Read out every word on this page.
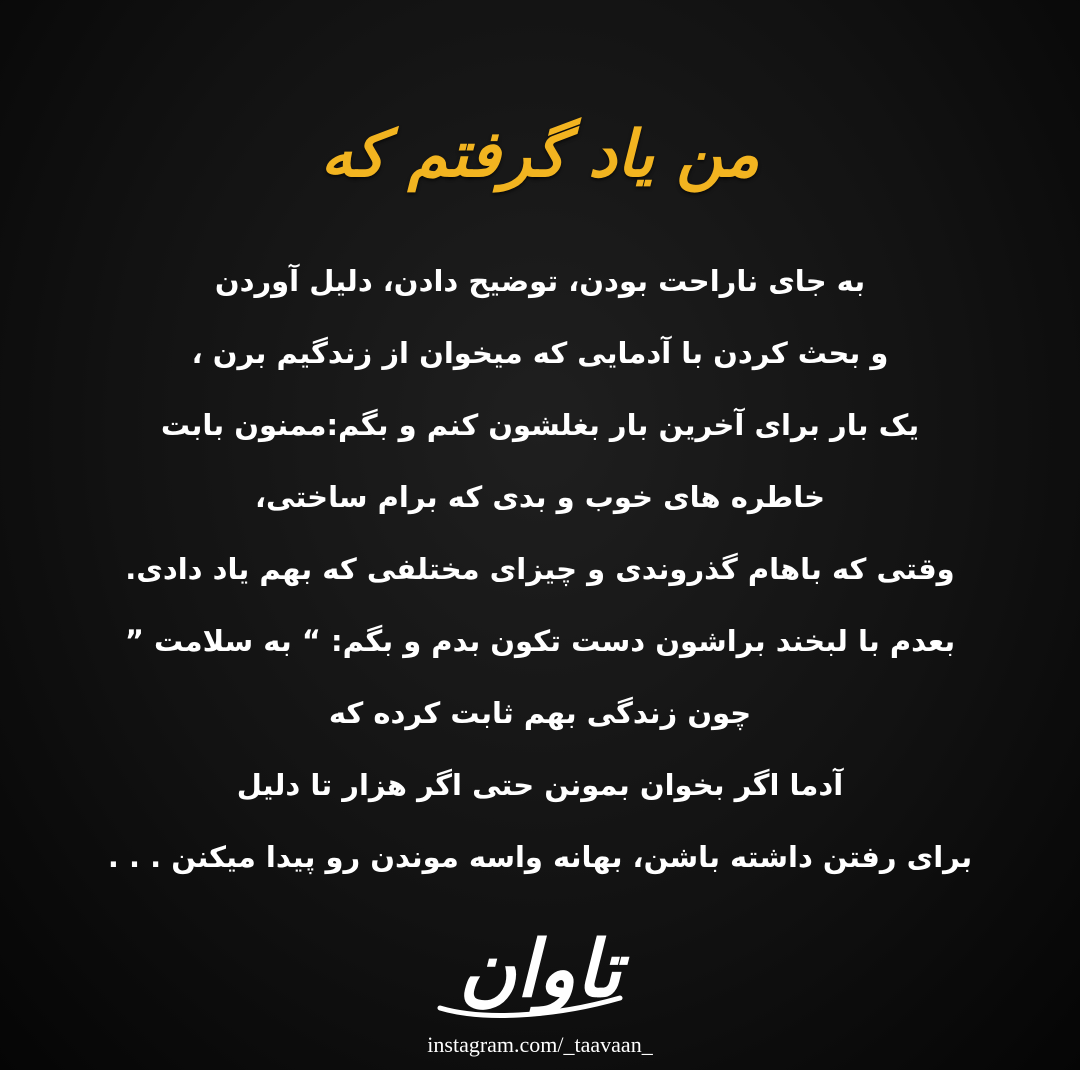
من یاد گرفتم که
به جای ناراحت بودن، توضیح دادن، دلیل آوردن
و بحث کردن با آدمایی که میخوان از زندگیم برن ،
یک بار برای آخرین بار بغلشون کنم و بگم:ممنون بابت
خاطره های خوب و بدی که برام ساختی،
وقتی که باهام گذروندی و چیزای مختلفی که بهم یاد دادی.
بعدم با لبخند براشون دست تکون بدم و بگم: “ به سلامت ”
چون زندگی بهم ثابت کرده که
آدما اگر بخوان بمونن حتی اگر هزار تا دلیل
برای رفتن داشته باشن، بهانه واسه موندن رو پیدا میکنن . . .
تاوان
instagram.com/_taavaan_
